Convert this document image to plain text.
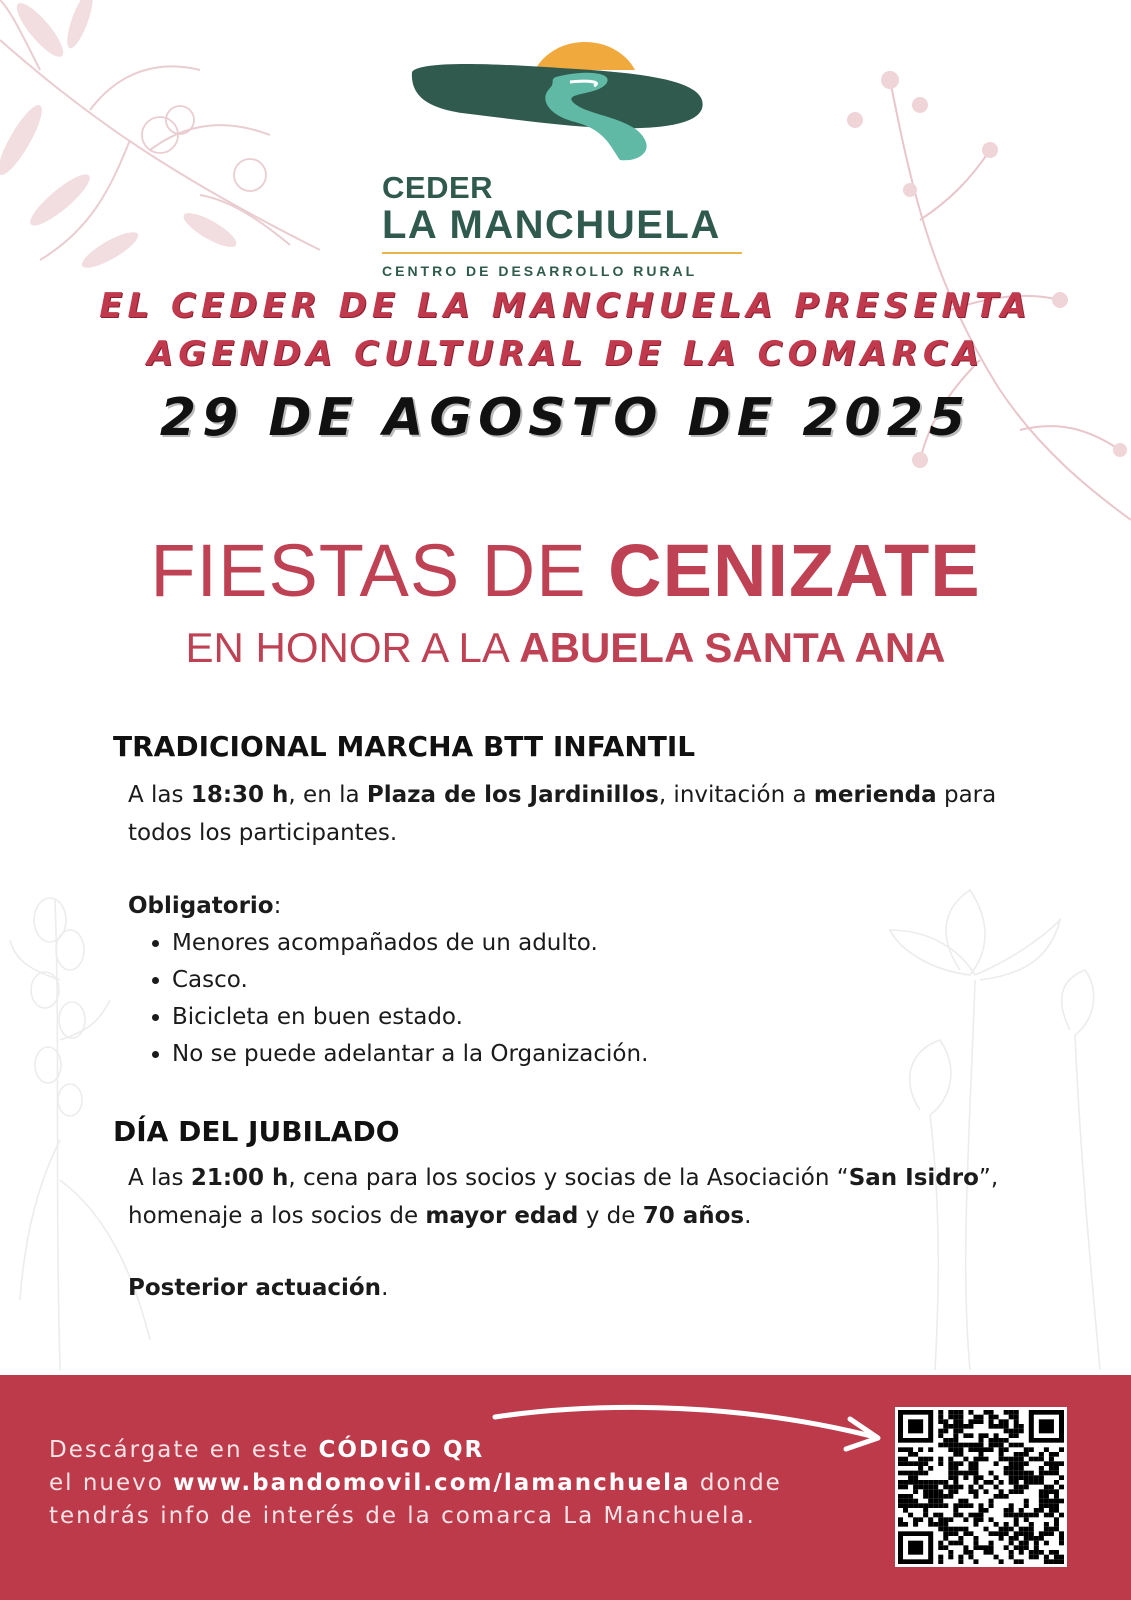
CEDER
LA MANCHUELA
CENTRO DE DESARROLLO RURAL
EL CEDER DE LA MANCHUELA PRESENTA
AGENDA CULTURAL DE LA COMARCA
29 DE AGOSTO DE 2025
FIESTAS DE CENIZATE
EN HONOR A LA ABUELA SANTA ANA
TRADICIONAL MARCHA BTT INFANTIL
A las 18:30 h, en la Plaza de los Jardinillos, invitación a merienda para todos los participantes.
Obligatorio:
• Menores acompañados de un adulto.
• Casco.
• Bicicleta en buen estado.
• No se puede adelantar a la Organización.
DÍA DEL JUBILADO
A las 21:00 h, cena para los socios y socias de la Asociación “San Isidro”, homenaje a los socios de mayor edad y de 70 años.
Posterior actuación.
Descárgate en este CÓDIGO QR
el nuevo www.bandomovil.com/lamanchuela donde
tendrás info de interés de la comarca La Manchuela.
